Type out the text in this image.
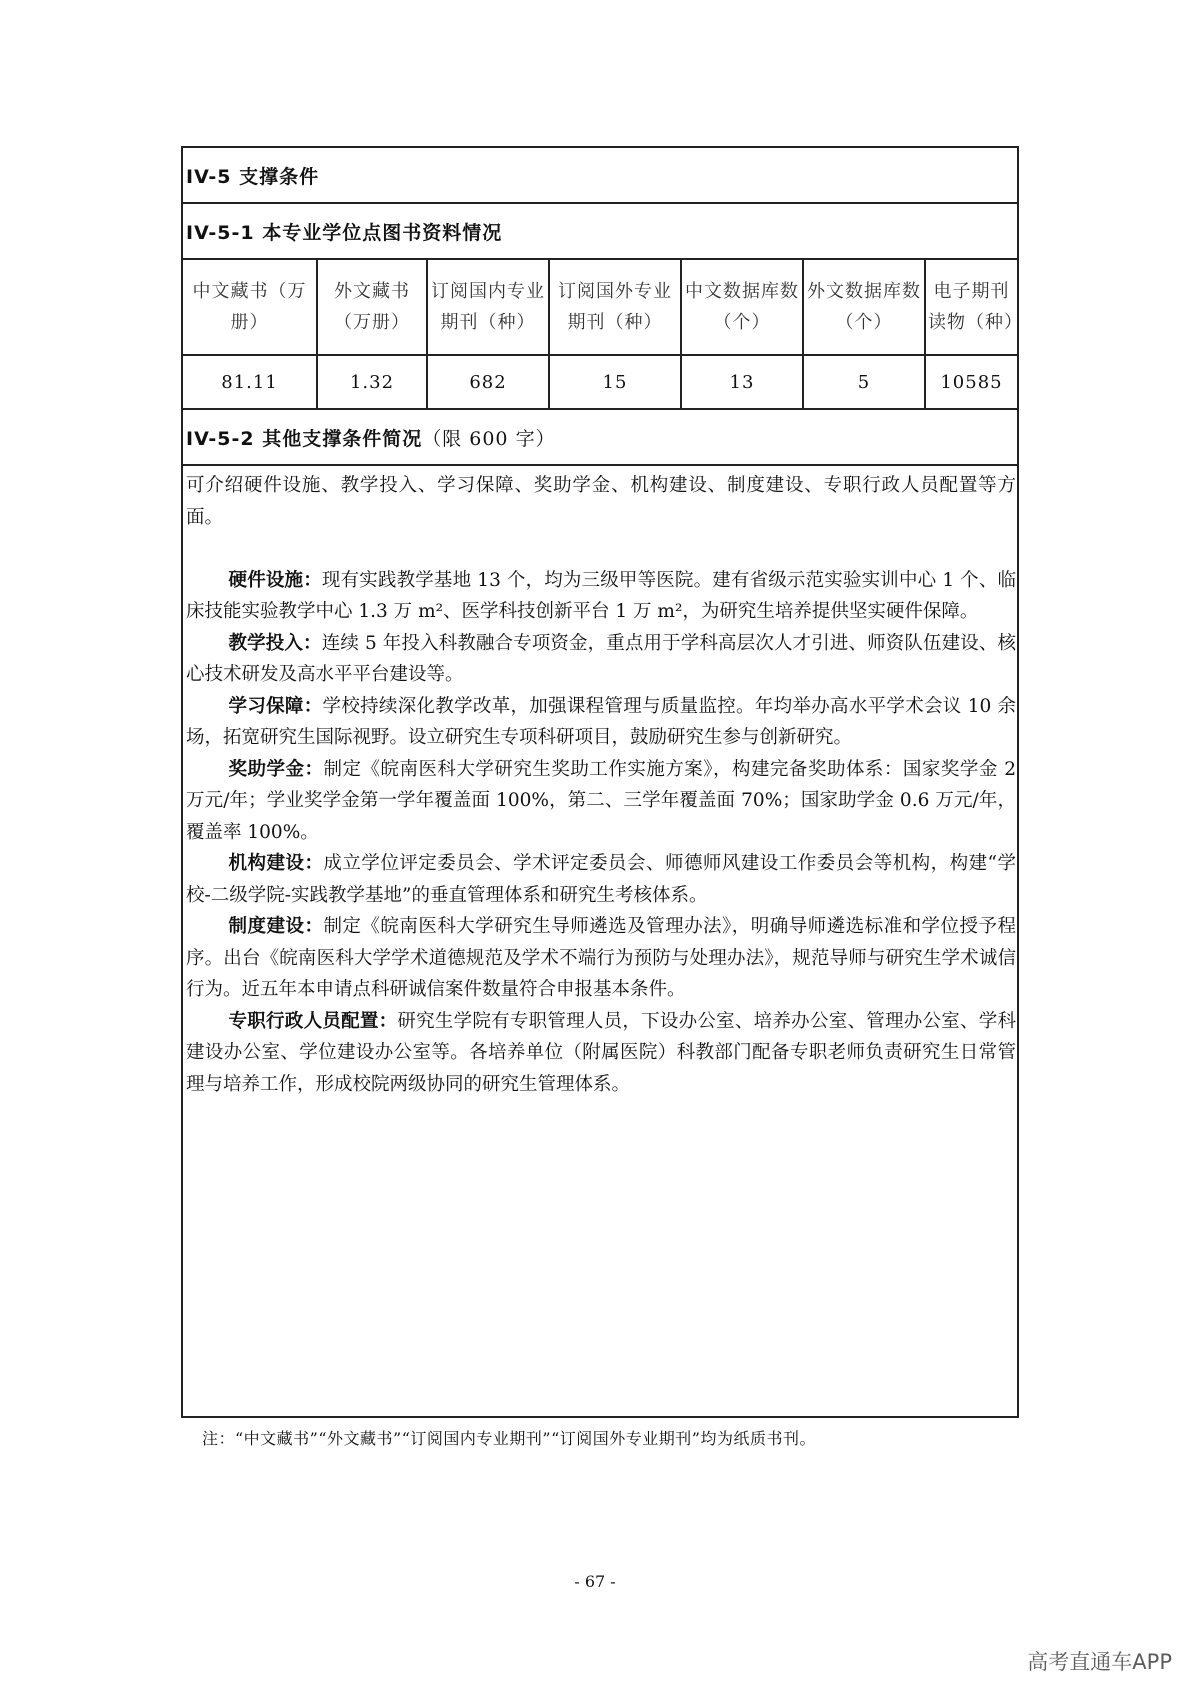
IV-5 支撑条件
IV-5-1 本专业学位点图书资料情况
中文藏书（万册）	外文藏书（万册）	订阅国内专业期刊（种）	订阅国外专业期刊（种）	中文数据库数（个）	外文数据库数（个）	电子期刊读物（种）
81.11	1.32	682	15	13	5	10585
IV-5-2 其他支撑条件简况（限 600 字）

可介绍硬件设施、教学投入、学习保障、奖助学金、机构建设、制度建设、专职行政人员配置等方面。

硬件设施：现有实践教学基地 13 个，均为三级甲等医院。建有省级示范实验实训中心 1 个、临床技能实验教学中心 1.3 万 m²、医学科技创新平台 1 万 m²，为研究生培养提供坚实硬件保障。

教学投入：连续 5 年投入科教融合专项资金，重点用于学科高层次人才引进、师资队伍建设、核心技术研发及高水平平台建设等。

学习保障：学校持续深化教学改革，加强课程管理与质量监控。年均举办高水平学术会议 10 余场，拓宽研究生国际视野。设立研究生专项科研项目，鼓励研究生参与创新研究。

奖助学金：制定《皖南医科大学研究生奖助工作实施方案》，构建完备奖助体系：国家奖学金 2 万元/年；学业奖学金第一学年覆盖面 100%，第二、三学年覆盖面 70%；国家助学金 0.6 万元/年，覆盖率 100%。

机构建设：成立学位评定委员会、学术评定委员会、师德师风建设工作委员会等机构，构建“学校-二级学院-实践教学基地”的垂直管理体系和研究生考核体系。

制度建设：制定《皖南医科大学研究生导师遴选及管理办法》，明确导师遴选标准和学位授予程序。出台《皖南医科大学学术道德规范及学术不端行为预防与处理办法》，规范导师与研究生学术诚信行为。近五年本申请点科研诚信案件数量符合申报基本条件。

专职行政人员配置：研究生学院有专职管理人员，下设办公室、培养办公室、管理办公室、学科建设办公室、学位建设办公室等。各培养单位（附属医院）科教部门配备专职老师负责研究生日常管理与培养工作，形成校院两级协同的研究生管理体系。

注：“中文藏书”“外文藏书”“订阅国内专业期刊”“订阅国外专业期刊”均为纸质书刊。
- 67 -
高考直通车APP
